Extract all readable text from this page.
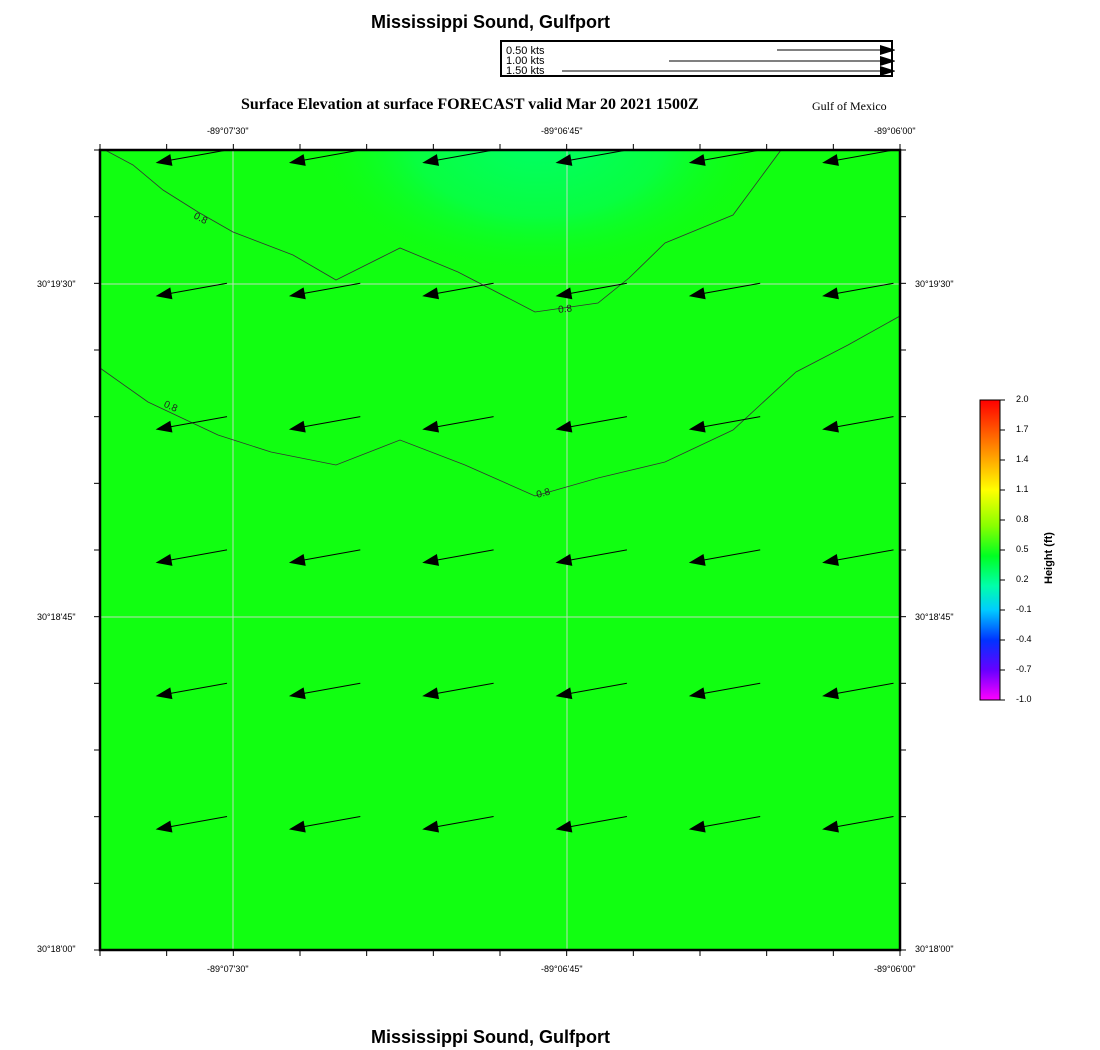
Mississippi Sound, Gulfport
0.50 kts
1.00 kts
1.50 kts
Surface Elevation at surface FORECAST valid Mar 20 2021 1500Z	Gulf of Mexico
-89°07'30"	-89°06'45"	-89°06'00"
30°19'30"
30°18'45"
30°18'00"
30°19'30"
30°18'45"
30°18'00"
-89°07'30"	-89°06'45"	-89°06'00"
0.8
0.8
0.8
0.8
2.0
1.7
1.4
1.1
0.8
0.5
0.2
-0.1
-0.4
-0.7
-1.0
Height (ft)
Mississippi Sound, Gulfport
